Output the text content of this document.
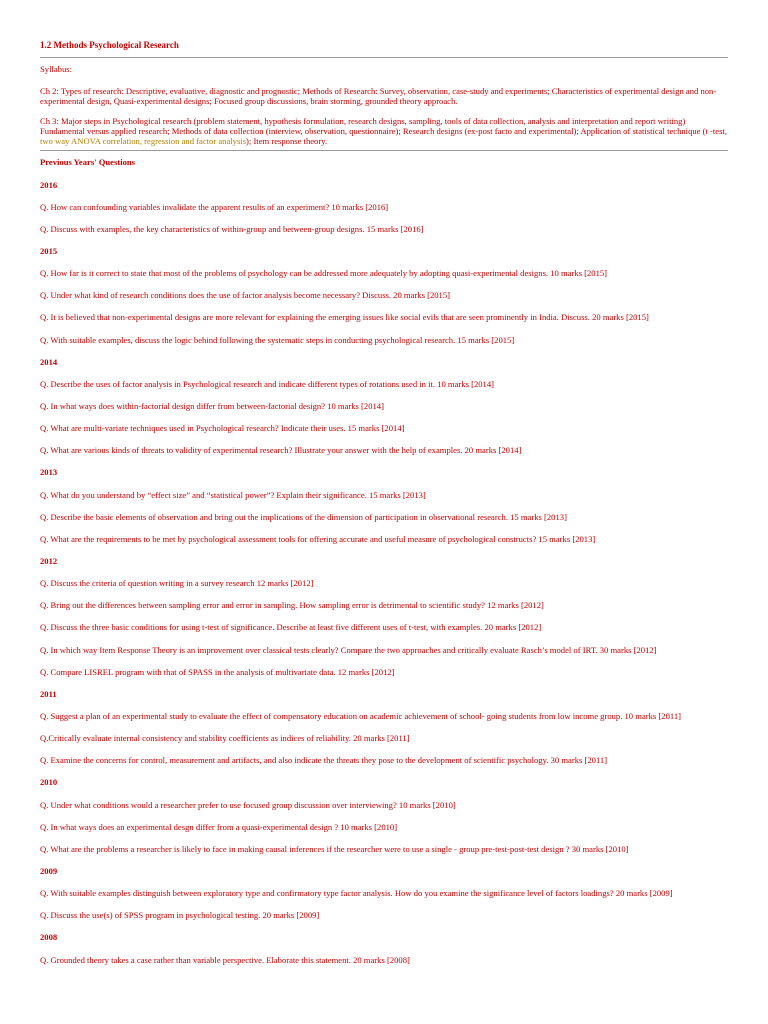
1.2 Methods Psychological Research
Syllabus:
Ch 2: Types of research: Descriptive, evaluative, diagnostic and prognostic; Methods of Research: Survey, observation, case-study and experiments; Characteristics of experimental design and non-experimental design, Quasi-experimental designs; Focused group discussions, brain storming, grounded theory approach.
Ch 3: Major steps in Psychological research (problem statement, hypothesis formulation, research designs, sampling, tools of data collection, analysis and interpretation and report writing) Fundamental versus applied research; Methods of data collection (interview, observation, questionnaire); Research designs (ex-post facto and experimental); Application of statistical technique (t -test, two way ANOVA correlation, regression and factor analysis); Item response theory.
Previous Years' Questions
2016
Q. How can confounding variables invalidate the apparent results of an experiment? 10 marks [2016]
Q. Discuss with examples, the key characteristics of within-group and between-group designs. 15 marks [2016]
2015
Q. How far is it correct to state that most of the problems of psychology can be addressed more adequately by adopting quasi-experimental designs. 10 marks [2015]
Q. Under what kind of research conditions does the use of factor analysis become necessary? Discuss. 20 marks [2015]
Q. It is believed that non-experimental designs are more relevant for explaining the emerging issues like social evils that are seen prominently in India. Discuss. 20 marks [2015]
Q. With suitable examples, discuss the logic behind following the systematic steps in conducting psychological research. 15 marks [2015]
2014
Q. Describe the uses of factor analysis in Psychological research and indicate different types of rotations used in it. 10 marks [2014]
Q. In what ways does within-factorial design differ from between-factorial design? 10 marks [2014]
Q. What are multi-variate techniques used in Psychological research? Indicate their uses. 15 marks [2014]
Q. What are various kinds of threats to validity of experimental research? Illustrate your answer with the help of examples. 20 marks [2014]
2013
Q. What do you understand by “effect size” and “statistical power”? Explain their significance. 15 marks [2013]
Q. Describe the basic elements of observation and bring out the implications of the dimension of participation in observational research. 15 marks [2013]
Q. What are the requirements to be met by psychological assessment tools for offering accurate and useful measure of psychological constructs? 15 marks [2013]
2012
Q. Discuss the criteria of question writing in a survey research 12 marks [2012]
Q. Bring out the differences between sampling error and error in sampling. How sampling error is detrimental to scientific study? 12 marks [2012]
Q. Discuss the three basic conditions for using t-test of significance. Describe at least five different uses of t-test, with examples. 20 marks [2012]
Q. In which way Item Response Theory is an improvement over classical tests clearly? Compare the two approaches and critically evaluate Rasch’s model of IRT. 30 marks [2012]
Q. Compare LISREL program with that of SPASS in the analysis of multivariate data. 12 marks [2012]
2011
Q. Suggest a plan of an experimental study to evaluate the effect of compensatory education on academic achievement of school- going students from low income group. 10 marks [2011]
Q.Critically evaluate internal consistency and stability coefficients as indices of reliability. 20 marks [2011]
Q. Examine the concerns for control, measurement and artifacts, and also indicate the threats they pose to the development of scientific psychology. 30 marks [2011]
2010
Q. Under what conditions would a researcher prefer to use focused group discussion over interviewing? 10 marks [2010]
Q. In what ways does an experimental desgn differ from a quasi-experimental design ? 10 marks [2010]
Q. What are the problems a researcher is likely to face in making causal inferences if the researcher were to use a single - group pre-test-post-test design ? 30 marks [2010]
2009
Q. With suitable examples distinguish between exploratory type and confirmatory type factor analysis. How do you examine the significance level of factors loadings? 20 marks [2009]
Q. Discuss the use(s) of SPSS program in psychological testing. 20 marks [2009]
2008
Q. Grounded theory takes a case rather than variable perspective. Elaborate this statement. 20 marks [2008]
